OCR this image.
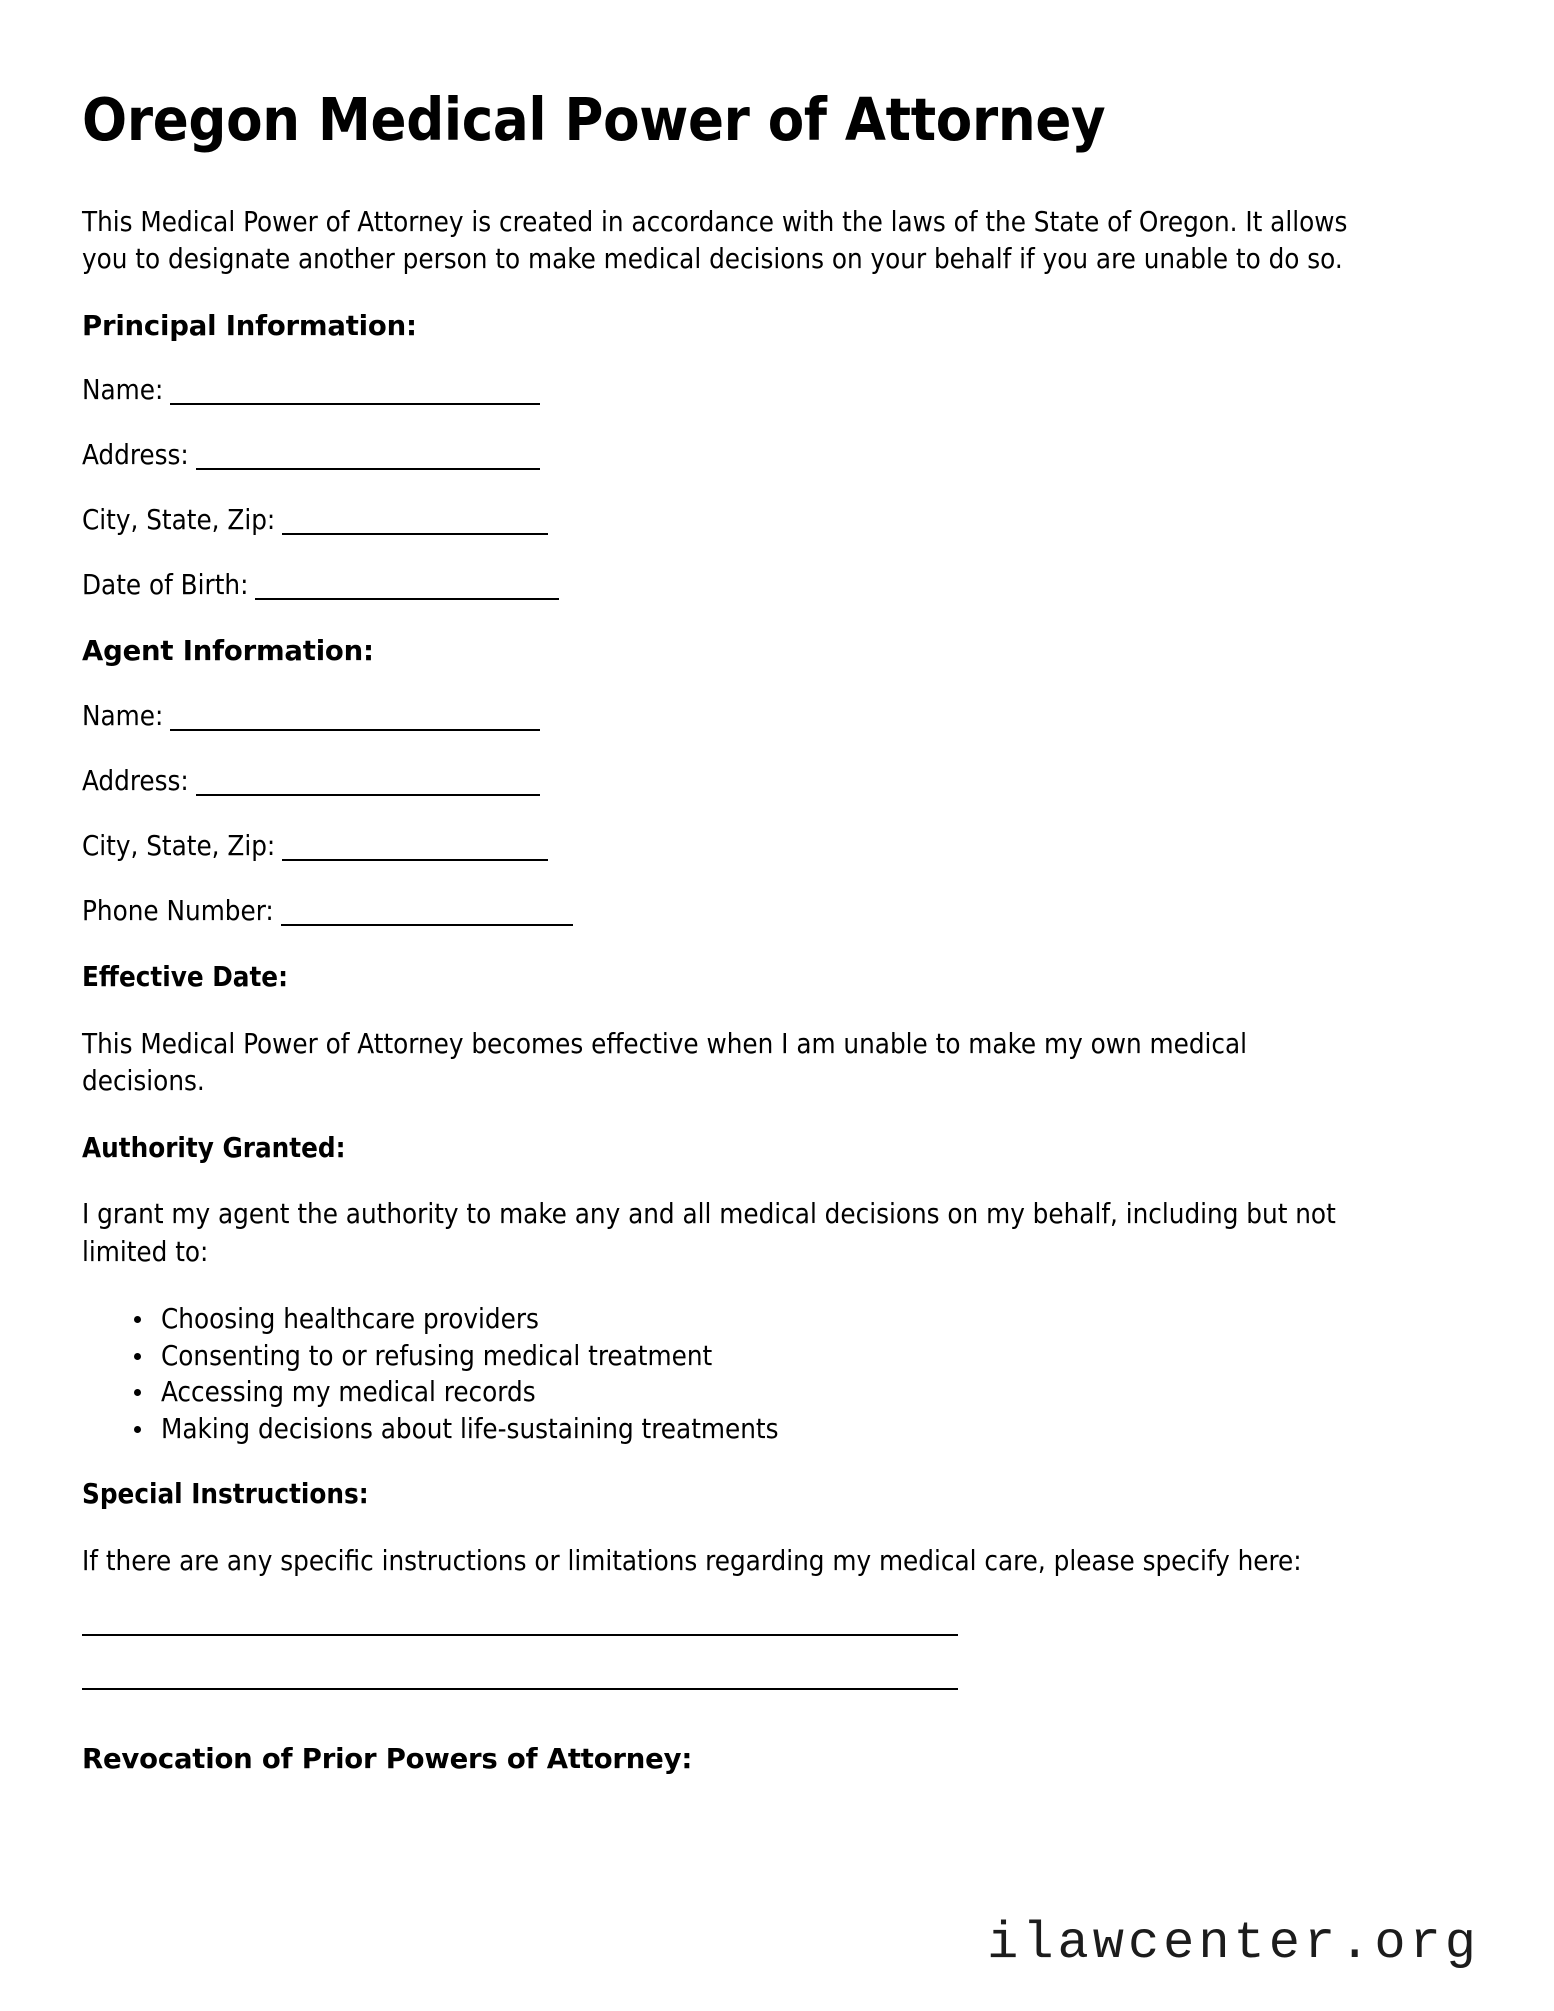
Oregon Medical Power of Attorney

This Medical Power of Attorney is created in accordance with the laws of the State of Oregon. It allows you to designate another person to make medical decisions on your behalf if you are unable to do so.

Principal Information:
Name:
Address:
City, State, Zip:
Date of Birth:
Agent Information:
Name:
Address:
City, State, Zip:
Phone Number:
Effective Date:

This Medical Power of Attorney becomes effective when I am unable to make my own medical decisions.

Authority Granted:

I grant my agent the authority to make any and all medical decisions on my behalf, including but not limited to:

Choosing healthcare providers
Consenting to or refusing medical treatment
Accessing my medical records
Making decisions about life-sustaining treatments
Special Instructions:

If there are any specific instructions or limitations regarding my medical care, please specify here:

Revocation of Prior Powers of Attorney:
ilawcenter.org
